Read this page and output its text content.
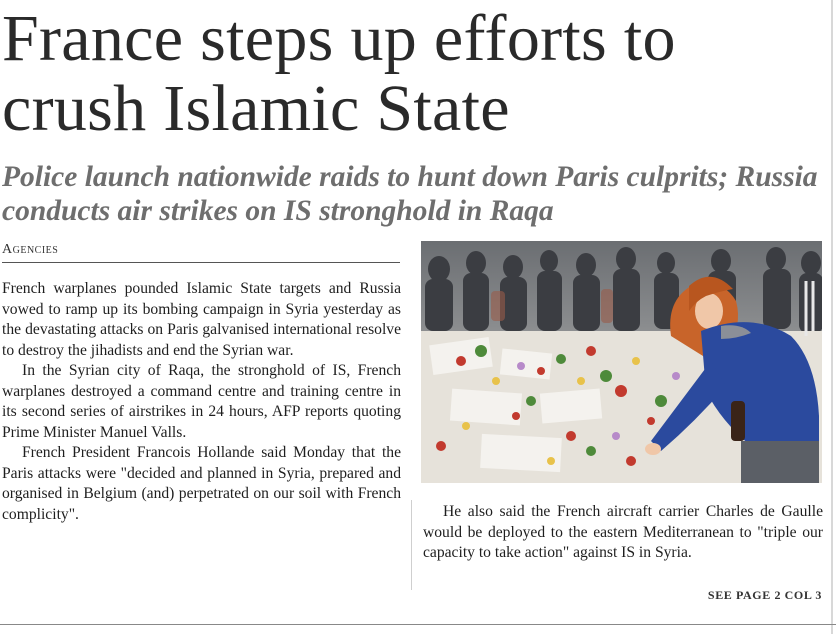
France steps up efforts to crush Islamic State
Police launch nationwide raids to hunt down Paris culprits; Russia conducts air strikes on IS stronghold in Raqa
Agencies

French warplanes pounded Islamic State targets and Russia vowed to ramp up its bombing campaign in Syria yesterday as the devastating attacks on Paris galvanised international resolve to destroy the jihadists and end the Syrian war.

In the Syrian city of Raqa, the stronghold of IS, French warplanes destroyed a command centre and training centre in its second series of airstrikes in 24 hours, AFP reports quoting Prime Minister Manuel Valls.

French President Francois Hollande said Monday that the Paris attacks were "decided and planned in Syria, prepared and organised in Belgium (and) perpetrated on our soil with French complicity".	He also said the French aircraft carrier Charles de Gaulle would be deployed to the eastern Mediterranean to "triple our capacity to take action" against IS in Syria.

SEE PAGE 2 COL 3
